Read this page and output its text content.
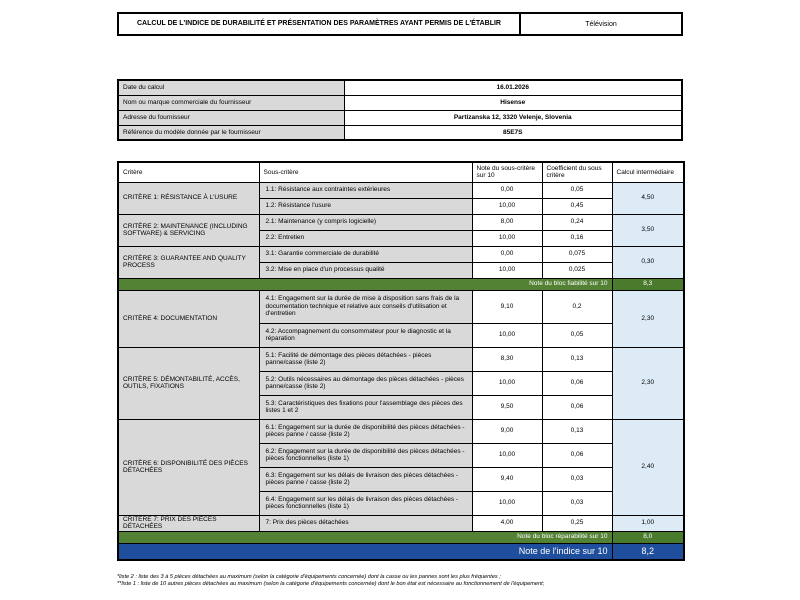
CALCUL DE L'INDICE DE DURABILITÉ ET PRÉSENTATION DES PARAMÈTRES AYANT PERMIS DE L'ÉTABLIR	Télévision
Date du calcul	16.01.2026
Nom ou marque commerciale du fournisseur	Hisense
Adresse du fournisseur	Partizanska 12, 3320 Velenje, Slovenia
Référence du modèle donnée par le fournisseur	85E7S
Critère	Sous-critère	Note du sous-critère sur 10	Coefficient du sous critère	Calcul intermédiaire
CRITÈRE 1: RÉSISTANCE À L'USURE	1.1: Résistance aux contraintes extérieures	0,00	0,05	4,50
	1.2: Résistance l'usure	10,00	0,45	
CRITÈRE 2: MAINTENANCE (INCLUDING SOFTWARE) & SERVICING	2.1: Maintenance (y compris logicielle)	8,00	0,24	3,50
	2.2: Entretien	10,00	0,16	
CRITÈRE 3: GUARANTEE AND QUALITY PROCESS	3.1: Garantie commerciale de durabilité	0,00	0,075	0,30
	3.2: Mise en place d'un processus qualité	10,00	0,025	
Note du bloc fiabilité sur 10				8,3
CRITÈRE 4: DOCUMENTATION	4.1: Engagement sur la durée de mise à disposition sans frais de la documentation technique et relative aux conseils d'utilisation et d'entretien	9,10	0,2	2,30
	4.2: Accompagnement du consommateur pour le diagnostic et la réparation	10,00	0,05	
CRITÈRE 5: DÉMONTABILITÉ, ACCÈS, OUTILS, FIXATIONS	5.1: Facilité de démontage des pièces détachées - pièces panne/casse (liste 2)	8,30	0,13	2,30
	5.2: Outils nécessaires au démontage des pièces détachées - pièces panne/casse (liste 2)	10,00	0,06	
	5.3: Caractéristiques des fixations pour l'assemblage des pièces des listes 1 et 2	9,50	0,06	
CRITÈRE 6: DISPONIBILITÉ DES PIÈCES DÉTACHÉES	6.1: Engagement sur la durée de disponibilité des pièces détachées - pièces panne / casse (liste 2)	9,00	0,13	2,40
	6.2: Engagement sur la durée de disponibilité des pièces détachées - pièces fonctionnelles (liste 1)	10,00	0,06	
	6.3: Engagement sur les délais de livraison des pièces détachées - pièces panne / casse (liste 2)	9,40	0,03	
	6.4: Engagement sur les délais de livraison des pièces détachées - pièces fonctionnelles (liste 1)	10,00	0,03	
CRITÈRE 7: PRIX DES PIÈCES DÉTACHÉES	7: Prix des pièces détachées	4,00	0,25	1,00
Note du bloc réparabilité sur 10				8,0
Note de l'indice sur 10				8,2
*liste 2 : liste des 3 à 5 pièces détachées au maximum (selon la catégorie d'équipements concernée) dont la casse ou les pannes sont les plus fréquentes ;
**liste 1 : liste de 10 autres pièces détachées au maximum (selon la catégorie d'équipements concernée) dont le bon état est nécessaire au fonctionnement de l'équipement;
